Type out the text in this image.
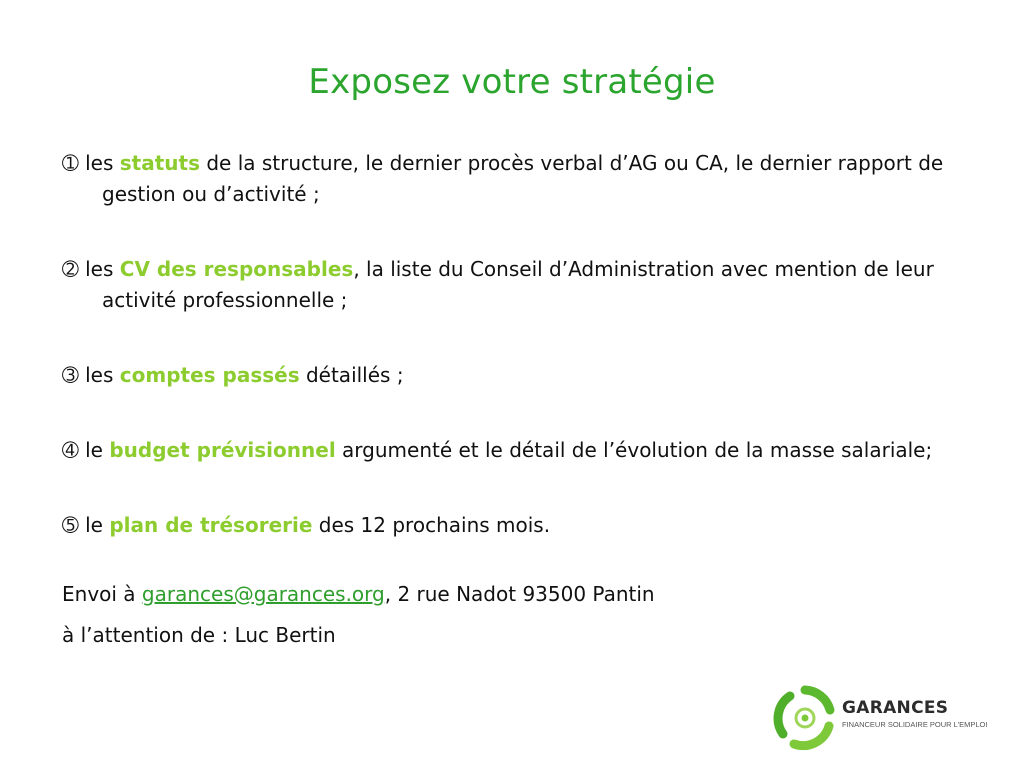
Exposez votre stratégie

➀ les statuts de la structure, le dernier procès verbal d’AG ou CA, le dernier rapport de gestion ou d’activité ;

➁ les CV des responsables, la liste du Conseil d’Administration avec mention de leur activité professionnelle ;

➂ les comptes passés détaillés ;

➃ le budget prévisionnel argumenté et le détail de l’évolution de la masse salariale;

➄ le plan de trésorerie des 12 prochains mois.

Envoi à garances@garances.org, 2 rue Nadot 93500 Pantin

à l’attention de : Luc Bertin

GARANCES
FINANCEUR SOLIDAIRE POUR L’EMPLOI
